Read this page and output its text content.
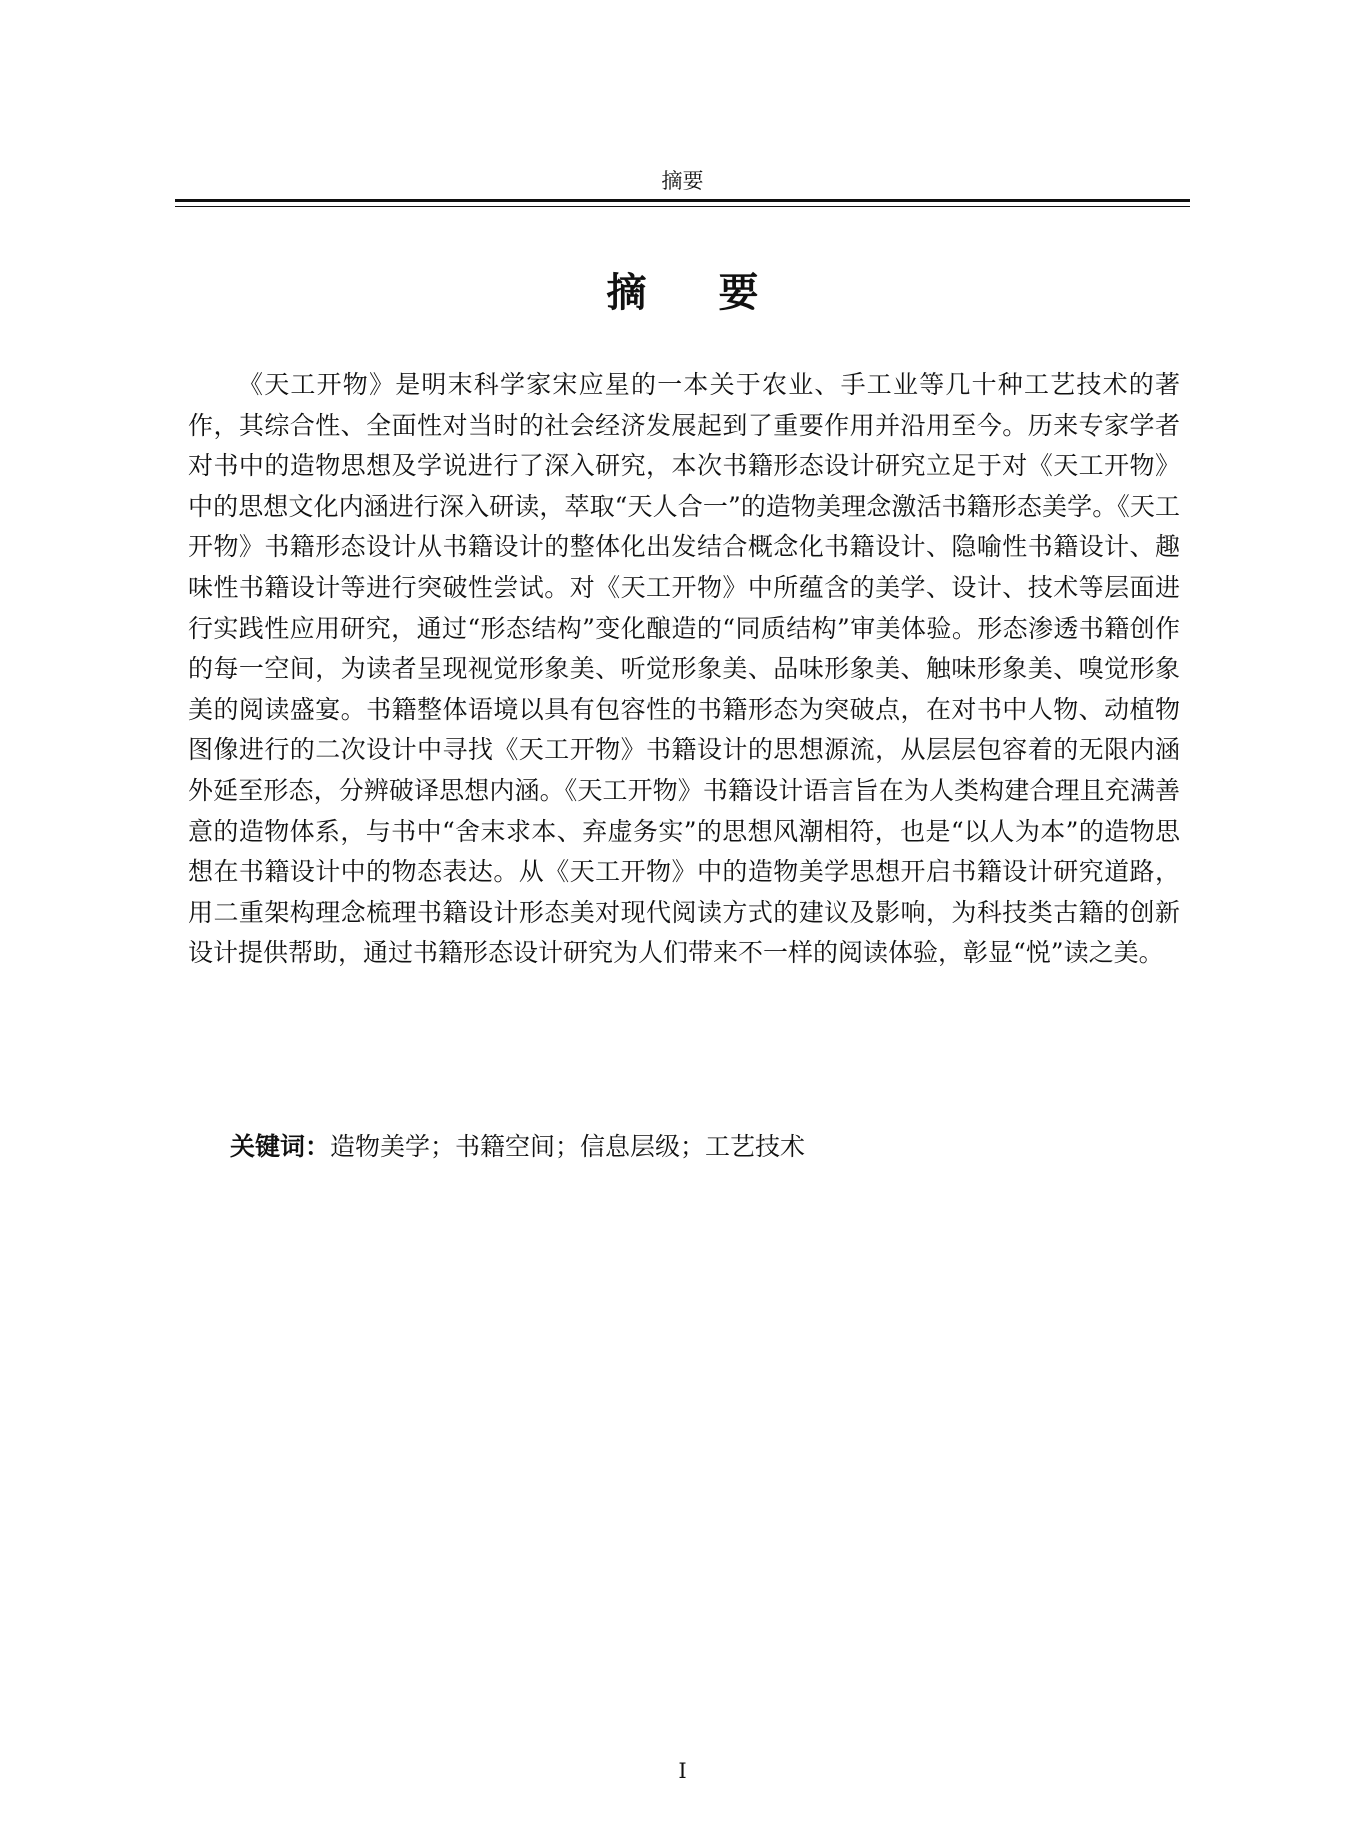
摘要
摘要

《天工开物》是明末科学家宋应星的一本关于农业、手工业等几十种工艺技术的著作，其综合性、全面性对当时的社会经济发展起到了重要作用并沿用至今。历来专家学者对书中的造物思想及学说进行了深入研究，本次书籍形态设计研究立足于对《天工开物》中的思想文化内涵进行深入研读，萃取“天人合一”的造物美理念激活书籍形态美学。《天工开物》书籍形态设计从书籍设计的整体化出发结合概念化书籍设计、隐喻性书籍设计、趣味性书籍设计等进行突破性尝试。对《天工开物》中所蕴含的美学、设计、技术等层面进行实践性应用研究，通过“形态结构”变化酿造的“同质结构”审美体验。形态渗透书籍创作的每一空间，为读者呈现视觉形象美、听觉形象美、品味形象美、触味形象美、嗅觉形象美的阅读盛宴。书籍整体语境以具有包容性的书籍形态为突破点，在对书中人物、动植物图像进行的二次设计中寻找《天工开物》书籍设计的思想源流，从层层包容着的无限内涵外延至形态，分辨破译思想内涵。《天工开物》书籍设计语言旨在为人类构建合理且充满善意的造物体系，与书中“舍末求本、弃虚务实”的思想风潮相符，也是“以人为本”的造物思想在书籍设计中的物态表达。从《天工开物》中的造物美学思想开启书籍设计研究道路，用二重架构理念梳理书籍设计形态美对现代阅读方式的建议及影响，为科技类古籍的创新设计提供帮助，通过书籍形态设计研究为人们带来不一样的阅读体验，彰显“悦”读之美。

关键词：造物美学；书籍空间；信息层级；工艺技术

I
